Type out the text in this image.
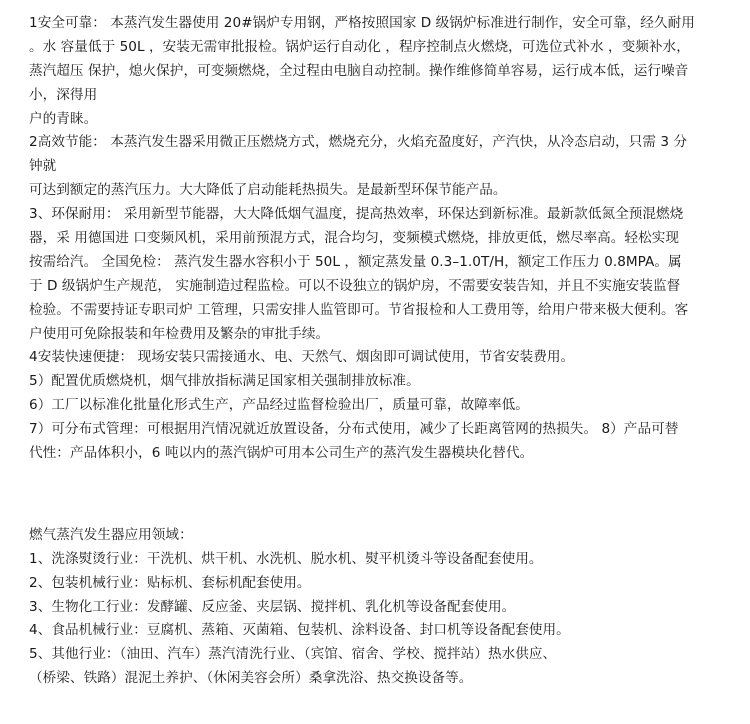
1安全可靠： 本蒸汽发生器使用 20#锅炉专用钢，严格按照国家 D 级锅炉标准进行制作，安全可靠，经久耐用
。水 容量低于 50L ，安装无需审批报检。锅炉运行自动化 ，程序控制点火燃烧，可选位式补水 ，变频补水，
蒸汽超压 保护，熄火保护，可变频燃烧，全过程由电脑自动控制。操作维修简单容易，运行成本低，运行噪音
小，深得用
户的青睐。
2高效节能： 本蒸汽发生器采用微正压燃烧方式，燃烧充分，火焰充盈度好，产汽快，从冷态启动，只需 3 分
钟就
可达到额定的蒸汽压力。大大降低了启动能耗热损失。是最新型环保节能产品。
3、环保耐用： 采用新型节能器，大大降低烟气温度，提高热效率，环保达到新标准。最新款低氮全预混燃烧
器，采 用德国进 口变频风机，采用前预混方式，混合均匀，变频模式燃烧，排放更低，燃尽率高。轻松实现
按需给汽。 全国免检： 蒸汽发生器水容积小于 50L ，额定蒸发量 0.3–1.0T/H，额定工作压力 0.8MPA。属
于 D 级锅炉生产规范， 实施制造过程监检。可以不设独立的锅炉房，不需要安装告知，并且不实施安装监督
检验。不需要持证专职司炉 工管理，只需安排人监管即可。节省报检和人工费用等，给用户带来极大便利。客
户使用可免除报装和年检费用及繁杂的审批手续。
4安装快速便捷： 现场安装只需接通水、电、天然气、烟囱即可调试使用，节省安装费用。
5）配置优质燃烧机，烟气排放指标满足国家相关强制排放标准。
6）工厂以标准化批量化形式生产，产品经过监督检验出厂，质量可靠，故障率低。
7）可分布式管理：可根据用汽情况就近放置设备，分布式使用，减少了长距离管网的热损失。 8）产品可替
代性：产品体积小，6 吨以内的蒸汽锅炉可用本公司生产的蒸汽发生器模块化替代。
燃气蒸汽发生器应用领域：
1、洗涤熨烫行业：干洗机、烘干机、水洗机、脱水机、熨平机烫斗等设备配套使用。
2、包装机械行业：贴标机、套标机配套使用。
3、生物化工行业：发酵罐、反应釜、夹层锅、搅拌机、乳化机等设备配套使用。
4、食品机械行业：豆腐机、蒸箱、灭菌箱、包装机、涂料设备、封口机等设备配套使用。
5、其他行业：（油田、汽车）蒸汽清洗行业、（宾馆、宿舍、学校、搅拌站）热水供应、
（桥梁、铁路）混泥土养护、（休闲美容会所）桑拿洗浴、热交换设备等。
